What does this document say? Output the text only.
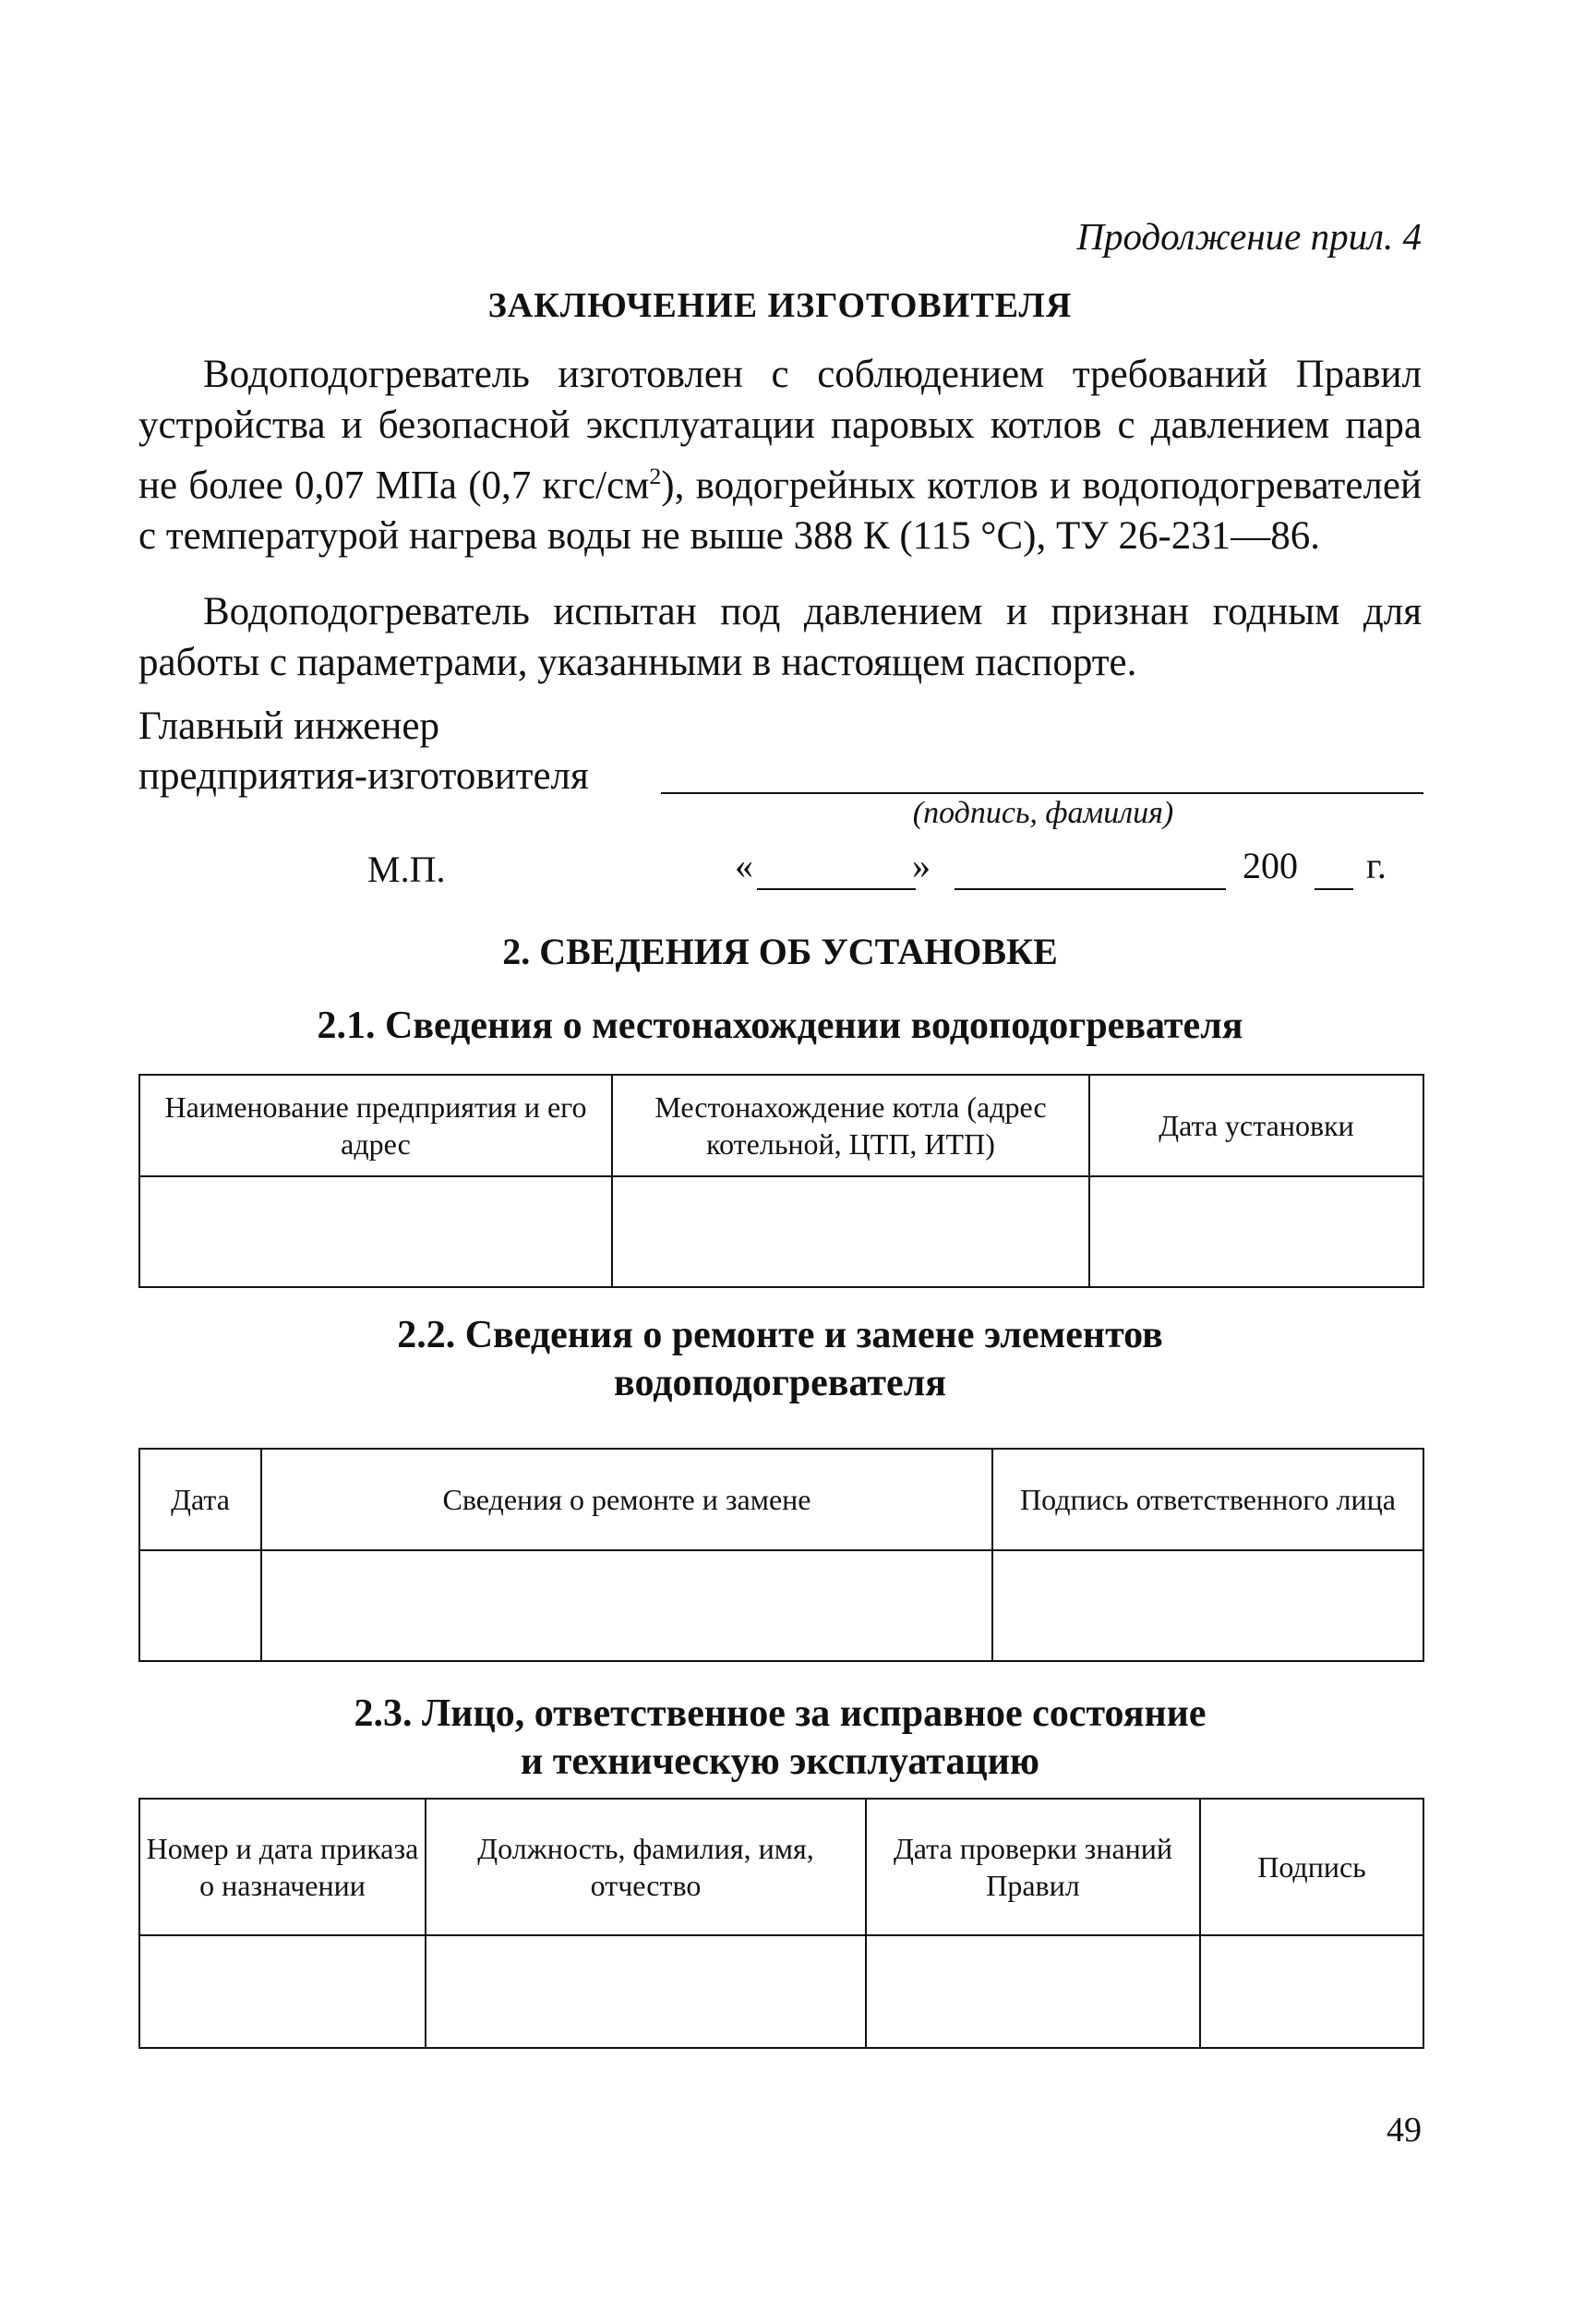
Продолжение прил. 4
ЗАКЛЮЧЕНИЕ ИЗГОТОВИТЕЛЯ
Водоподогреватель изготовлен с соблюдением требований Правил устройства и безопасной эксплуатации паровых котлов с давлением пара не более 0,07 МПа (0,7 кгс/$см^2$), водогрейных котлов и водоподогревателей с температурой нагрева воды не выше 388 К (115 °С), ТУ 26-231—86.
Водоподогреватель испытан под давлением и признан годным для работы с параметрами, указанными в настоящем паспорте.
Главный инженер
предприятия-изготовителя
(подпись, фамилия)
М.П.	«	»	200 г.
2. СВЕДЕНИЯ ОБ УСТАНОВКЕ
2.1. Сведения о местонахождении водоподогревателя
Наименование предприятия и его адрес	Местонахождение котла (адрес котельной, ЦТП, ИТП)	Дата установки

2.2. Сведения о ремонте и замене элементов
водоподогревателя
Дата	Сведения о ремонте и замене	Подпись ответственного лица

2.3. Лицо, ответственное за исправное состояние
и техническую эксплуатацию
Номер и дата приказа о назначении	Должность, фамилия, имя, отчество	Дата проверки знаний Правил	Подпись

49
